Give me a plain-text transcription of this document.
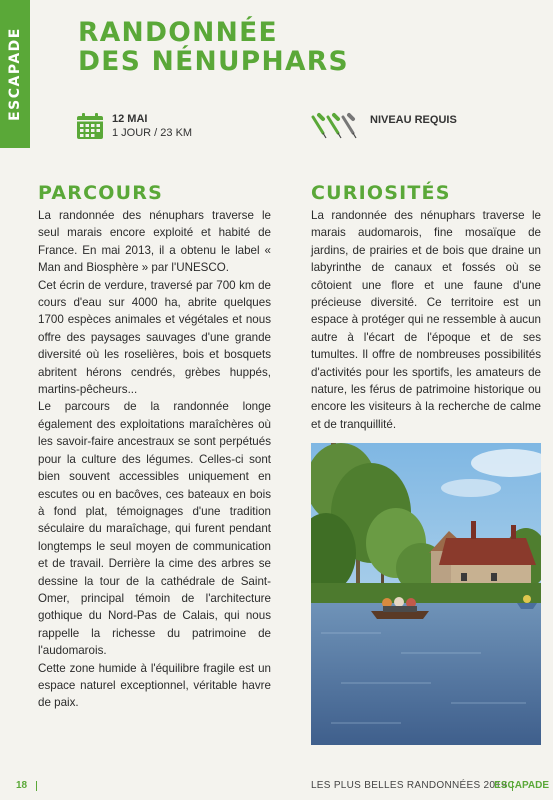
ESCAPADE RANDONNÉE
DES NÉNUPHARS
12 MAI
1 JOUR / 23 KM
NIVEAU REQUIS
PARCOURS

La randonnée des nénuphars traverse le seul marais encore exploité et habité de France. En mai 2013, il a obtenu le label « Man and Biosphère » par l'UNESCO.

Cet écrin de verdure, traversé par 700 km de cours d'eau sur 4000 ha, abrite quelques 1700 espèces animales et végétales et nous offre des paysages sauvages d'une grande diversité où les roselières, bois et bosquets abritent hérons cendrés, grèbes huppés, martins-pêcheurs...

Le parcours de la randonnée longe également des exploitations maraîchères où les savoir-faire ancestraux se sont perpétués pour la culture des légumes. Celles-ci sont bien souvent accessibles uniquement en escutes ou en bacôves, ces bateaux en bois à fond plat, témoignages d'une tradition séculaire du maraîchage, qui furent pendant longtemps le seul moyen de communication et de travail. Derrière la cime des arbres se dessine la tour de la cathédrale de Saint-Omer, principal témoin de l'architecture gothique du Nord-Pas de Calais, qui nous rappelle la richesse du patrimoine de l'audomarois.

Cette zone humide à l'équilibre fragile est un espace naturel exceptionnel, véritable havre de paix.

CURIOSITÉS

La randonnée des nénuphars traverse le marais audomarois, fine mosaïque de jardins, de prairies et de bois que draine un labyrinthe de canaux et fossés où se côtoient une flore et une faune d'une précieuse diversité. Ce territoire est un espace à protéger qui ne ressemble à aucun autre à l'écart de l'époque et de ses tumultes. Il offre de nombreuses possibilités d'activités pour les sportifs, les amateurs de nature, les férus de patrimoine historique ou encore les visiteurs à la recherche de calme et de tranquillité.

18	LES PLUS BELLES RANDONNÉES 2019
ESCAPADE
